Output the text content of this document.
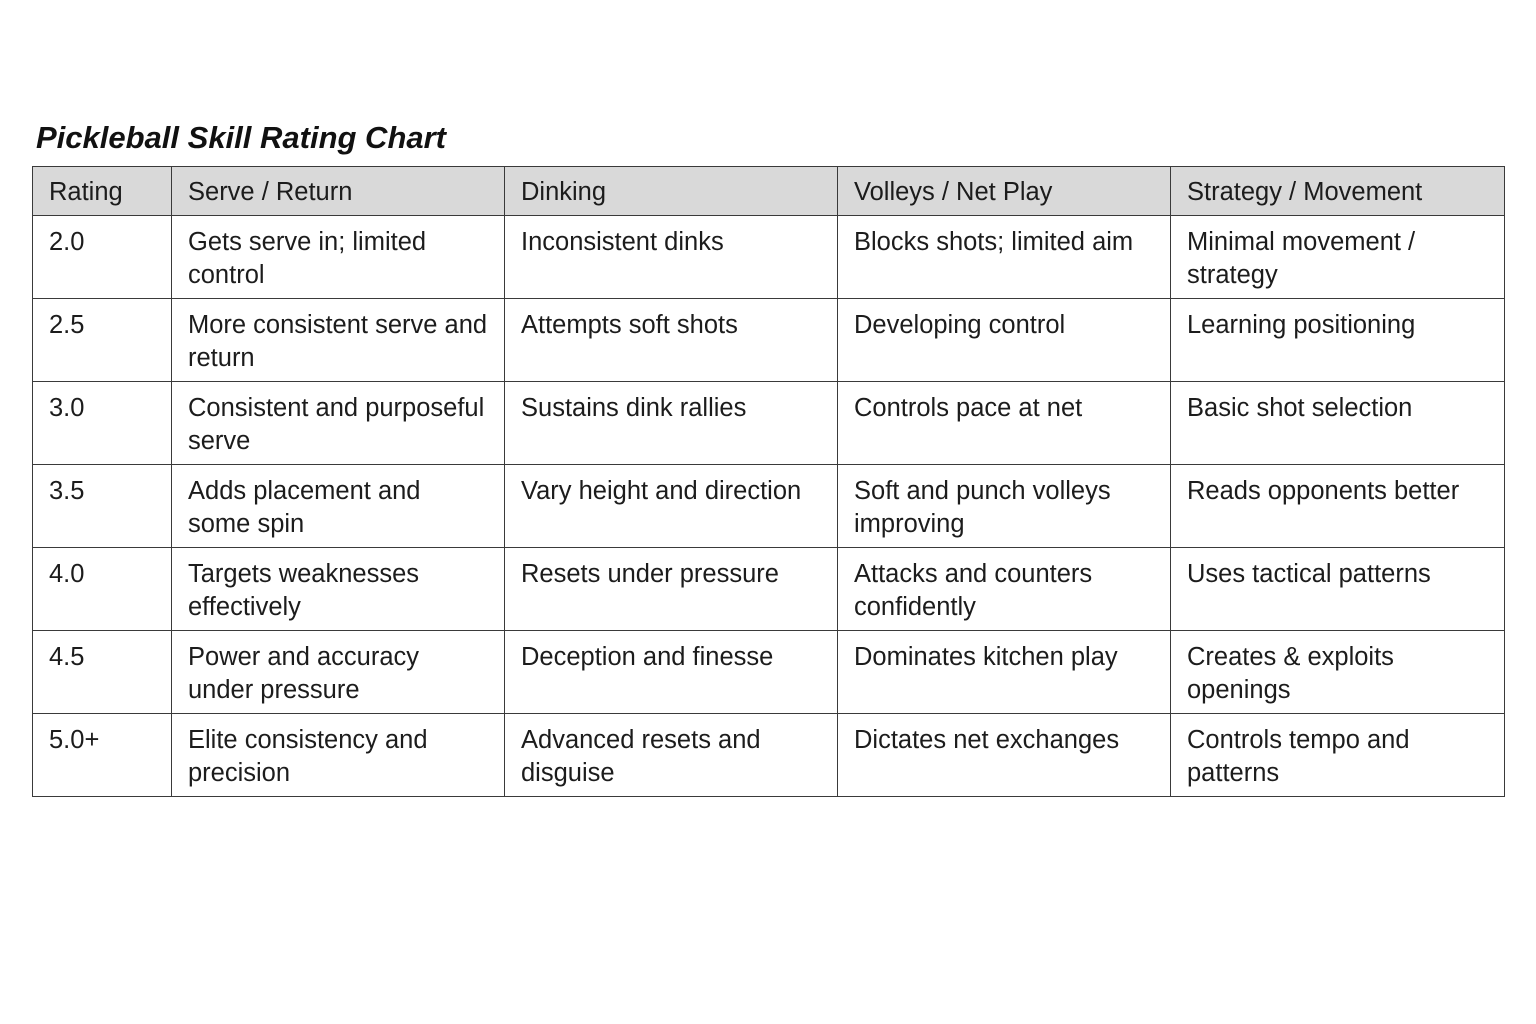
Pickleball Skill Rating Chart
Rating	Serve / Return	Dinking	Volleys / Net Play	Strategy / Movement
2.0	Gets serve in; limited control	Inconsistent dinks	Blocks shots; limited aim	Minimal movement / strategy
2.5	More consistent serve and return	Attempts soft shots	Developing control	Learning positioning
3.0	Consistent and purposeful serve	Sustains dink rallies	Controls pace at net	Basic shot selection
3.5	Adds placement and some spin	Vary height and direction	Soft and punch volleys improving	Reads opponents better
4.0	Targets weaknesses effectively	Resets under pressure	Attacks and counters confidently	Uses tactical patterns
4.5	Power and accuracy under pressure	Deception and finesse	Dominates kitchen play	Creates & exploits openings
5.0+	Elite consistency and precision	Advanced resets and disguise	Dictates net exchanges	Controls tempo and patterns
